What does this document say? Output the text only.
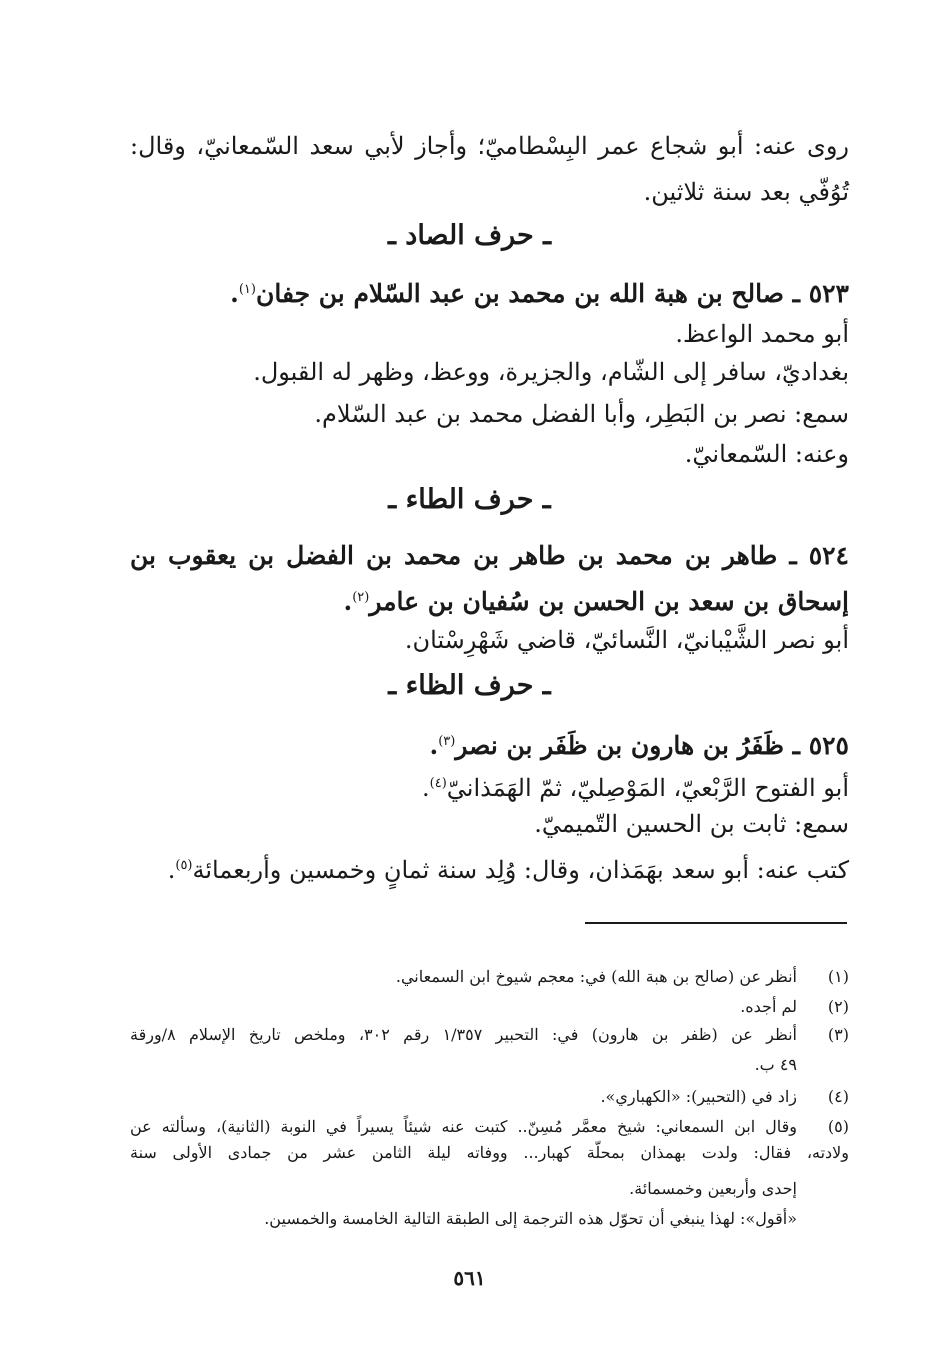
روى عنه: أبو شجاع عمر البِسْطاميّ؛ وأجاز لأبي سعد السّمعانيّ، وقال:
تُوُفّي بعد سنة ثلاثين.
ـ حرف الصاد ـ
٥٢٣ ـ صالح بن هبة الله بن محمد بن عبد السّلام بن جفان$^{(١)}$.
أبو محمد الواعظ.
بغداديّ، سافر إلى الشّام، والجزيرة، ووعظ، وظهر له القبول.
سمع: نصر بن البَطِر، وأبا الفضل محمد بن عبد السّلام.
وعنه: السّمعانيّ.
ـ حرف الطاء ـ
٥٢٤ ـ طاهر بن محمد بن طاهر بن محمد بن الفضل بن يعقوب بن
إسحاق بن سعد بن الحسن بن سُفيان بن عامر$^{(٢)}$.
أبو نصر الشَّيْبانيّ، النَّسائيّ، قاضي شَهْرِسْتان.
ـ حرف الظاء ـ
٥٢٥ ـ ظَفَرُ بن هارون بن ظَفَر بن نصر$^{(٣)}$.
أبو الفتوح الرَّبْعيّ، المَوْصِليّ، ثمّ الهَمَذانيّ$^{(٤)}$.
سمع: ثابت بن الحسين التّميميّ.
كتب عنه: أبو سعد بهَمَذان، وقال: وُلِد سنة ثمانٍ وخمسين وأربعمائة$^{(٥)}$.
(١)
أنظر عن (صالح بن هبة الله) في: معجم شيوخ ابن السمعاني.
(٢)
لم أجده.
(٣)
أنظر عن (ظفر بن هارون) في: التحبير ١/٣٥٧ رقم ٣٠٢، وملخص تاريخ الإسلام ٨/ورقة
٤٩ ب.
(٤)
زاد في (التحبير): «الكهباري».
(٥)
وقال ابن السمعاني: شيخ معمَّر مُسِنّ.. كتبت عنه شيئاً يسيراً في النوبة (الثانية)، وسألته عن
ولادته، فقال: ولدت بهمذان بمحلّة كهبار... ووفاته ليلة الثامن عشر من جمادى الأولى سنة
إحدى وأربعين وخمسمائة.
«أقول»: لهذا ينبغي أن تحوّل هذه الترجمة إلى الطبقة التالية الخامسة والخمسين.
٥٦١
